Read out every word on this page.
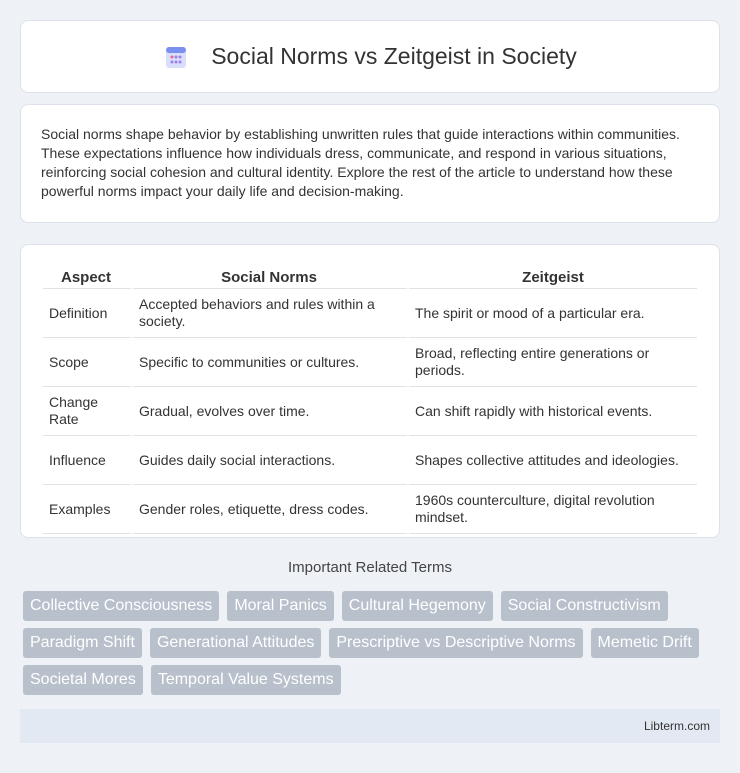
Social Norms vs Zeitgeist in Society

Social norms shape behavior by establishing unwritten rules that guide interactions within communities. These expectations influence how individuals dress, communicate, and respond in various situations, reinforcing social cohesion and cultural identity. Explore the rest of the article to understand how these powerful norms impact your daily life and decision-making.

Aspect	Social Norms	Zeitgeist
Definition	Accepted behaviors and rules within a society.	The spirit or mood of a particular era.
Scope	Specific to communities or cultures.	Broad, reflecting entire generations or periods.
Change Rate	Gradual, evolves over time.	Can shift rapidly with historical events.
Influence	Guides daily social interactions.	Shapes collective attitudes and ideologies.
Examples	Gender roles, etiquette, dress codes.	1960s counterculture, digital revolution mindset.
Important Related Terms
Collective Consciousness	Moral Panics	Cultural Hegemony	Social Constructivism
Paradigm Shift	Generational Attitudes	Prescriptive vs Descriptive Norms	Memetic Drift
Societal Mores	Temporal Value Systems
Libterm.com
